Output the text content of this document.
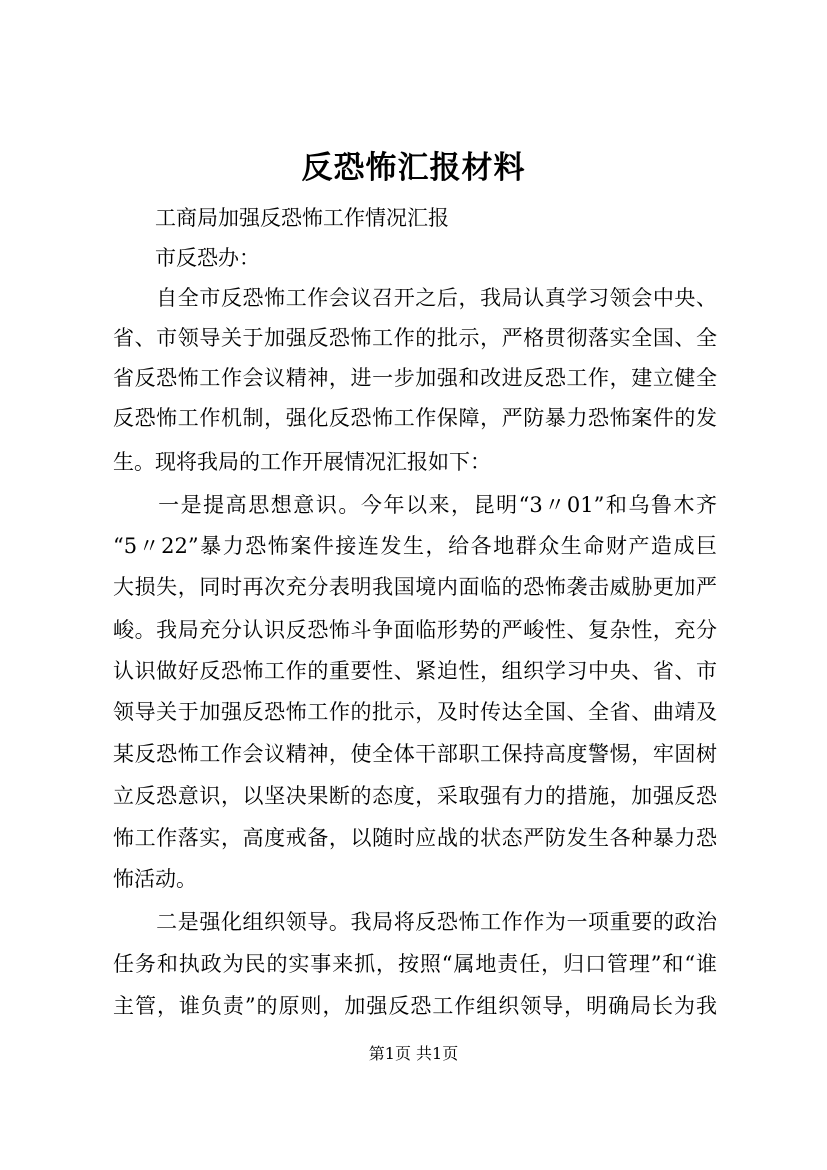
反恐怖汇报材料
　　工商局加强反恐怖工作情况汇报
　　市反恐办：
　　自全市反恐怖工作会议召开之后，我局认真学习领会中央、
省、市领导关于加强反恐怖工作的批示，严格贯彻落实全国、全
省反恐怖工作会议精神，进一步加强和改进反恐工作，建立健全
反恐怖工作机制，强化反恐怖工作保障，严防暴力恐怖案件的发
生。现将我局的工作开展情况汇报如下：
　　一是提高思想意识。今年以来，昆明“3〃01”和乌鲁木齐
“5〃22”暴力恐怖案件接连发生，给各地群众生命财产造成巨
大损失，同时再次充分表明我国境内面临的恐怖袭击威胁更加严
峻。我局充分认识反恐怖斗争面临形势的严峻性、复杂性，充分
认识做好反恐怖工作的重要性、紧迫性，组织学习中央、省、市
领导关于加强反恐怖工作的批示，及时传达全国、全省、曲靖及
某反恐怖工作会议精神，使全体干部职工保持高度警惕，牢固树
立反恐意识，以坚决果断的态度，采取强有力的措施，加强反恐
怖工作落实，高度戒备，以随时应战的状态严防发生各种暴力恐
怖活动。
　　二是强化组织领导。我局将反恐怖工作作为一项重要的政治
任务和执政为民的实事来抓，按照“属地责任，归口管理”和“谁
主管，谁负责”的原则，加强反恐工作组织领导，明确局长为我
第1页 共1页
